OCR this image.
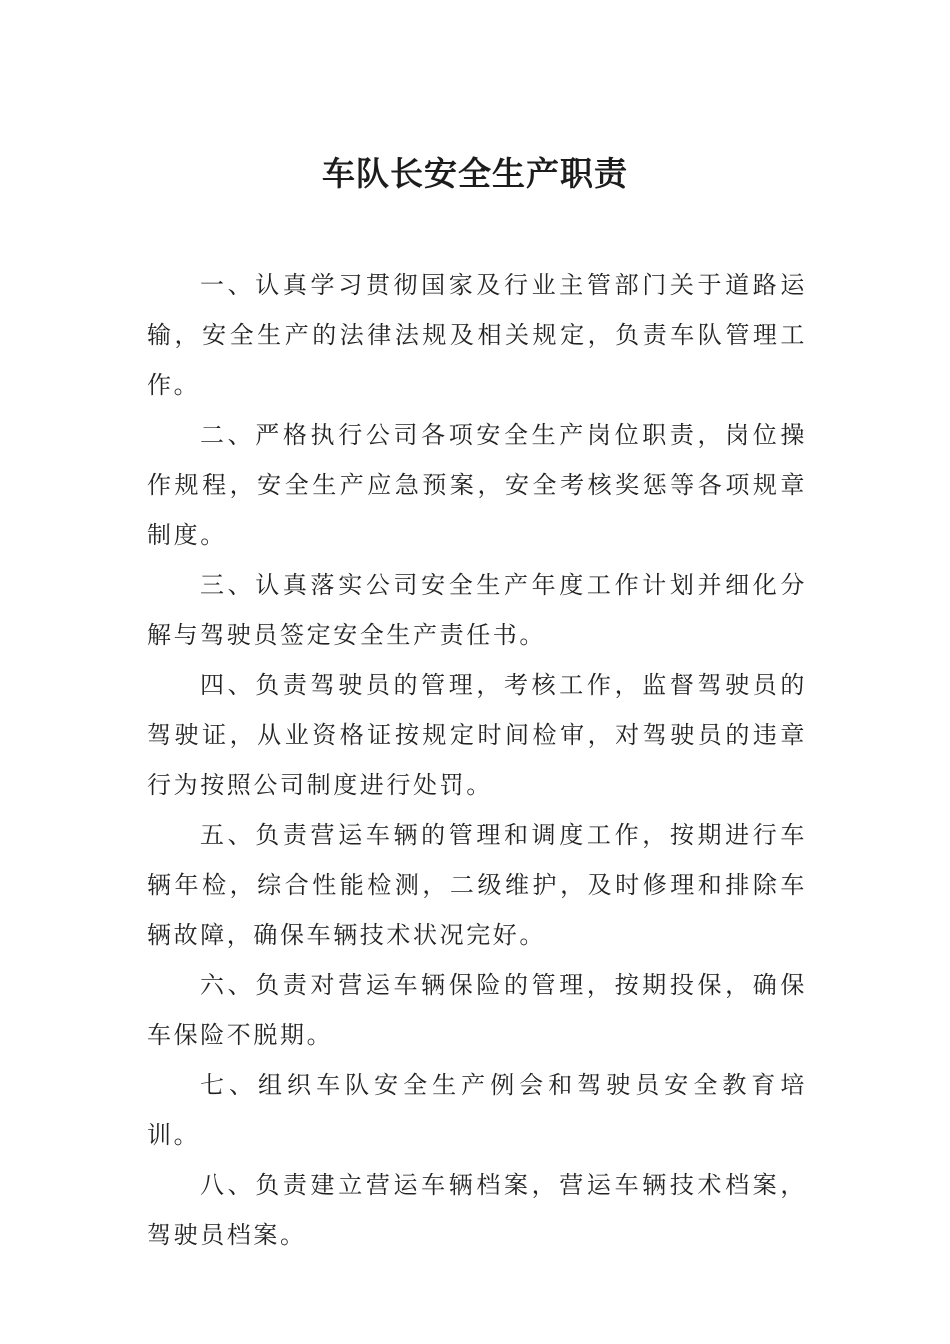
车队长安全生产职责

一、认真学习贯彻国家及行业主管部门关于道路运输，安全生产的法律法规及相关规定，负责车队管理工作。

二、严格执行公司各项安全生产岗位职责，岗位操作规程，安全生产应急预案，安全考核奖惩等各项规章制度。

三、认真落实公司安全生产年度工作计划并细化分解与驾驶员签定安全生产责任书。

四、负责驾驶员的管理，考核工作，监督驾驶员的驾驶证，从业资格证按规定时间检审，对驾驶员的违章行为按照公司制度进行处罚。

五、负责营运车辆的管理和调度工作，按期进行车辆年检，综合性能检测，二级维护，及时修理和排除车辆故障，确保车辆技术状况完好。

六、负责对营运车辆保险的管理，按期投保，确保车保险不脱期。

七、组织车队安全生产例会和驾驶员安全教育培训。

八、负责建立营运车辆档案，营运车辆技术档案，驾驶员档案。
